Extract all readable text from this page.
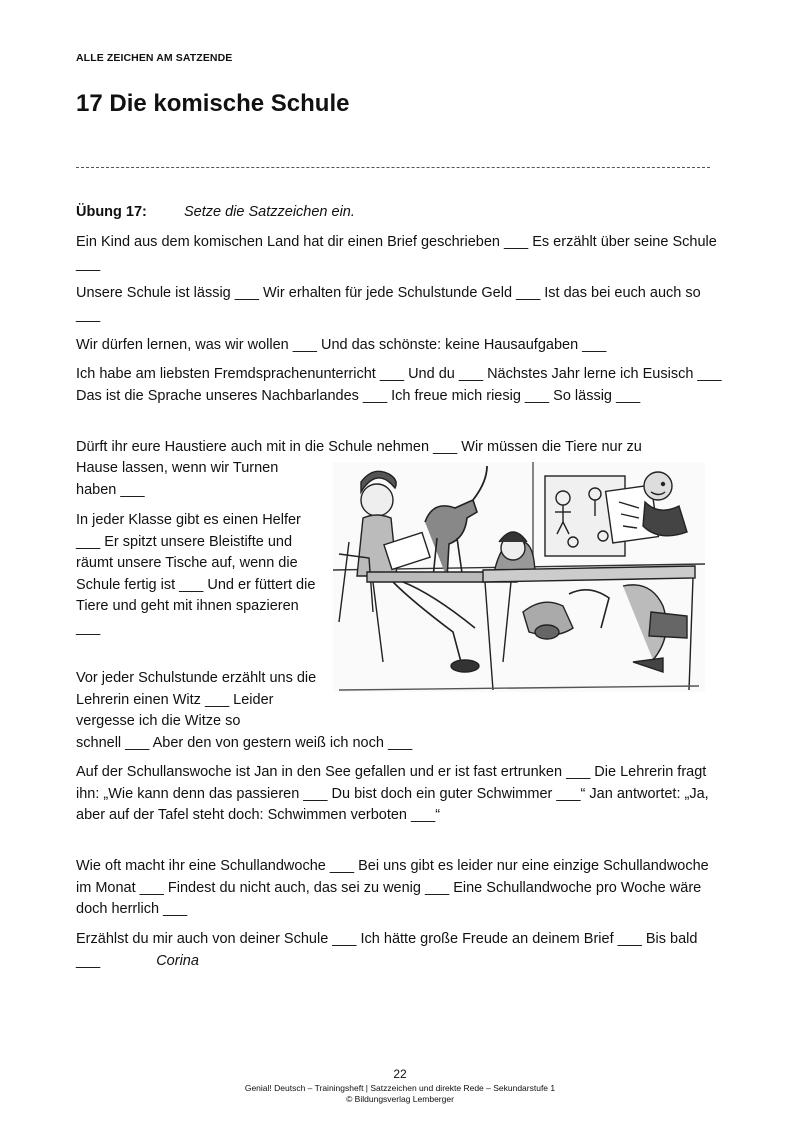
ALLE ZEICHEN AM SATZENDE
17 Die komische Schule
Übung 17:	Setze die Satzzeichen ein.

Ein Kind aus dem komischen Land hat dir einen Brief geschrieben ___ Es erzählt über seine Schule ___

Unsere Schule ist lässig ___ Wir erhalten für jede Schulstunde Geld ___ Ist das bei euch auch so ___

Wir dürfen lernen, was wir wollen ___ Und das schönste: keine Hausaufgaben ___

Ich habe am liebsten Fremdsprachenunterricht ___ Und du ___ Nächstes Jahr lerne ich Eusisch ___ Das ist die Sprache unseres Nachbarlandes ___ Ich freue mich riesig ___ So lässig ___

Dürft ihr eure Haustiere auch mit in die Schule nehmen ___ Wir müssen die Tiere nur zu

Hause lassen, wenn wir Turnen haben ___

In jeder Klasse gibt es einen Helfer ___ Er spitzt unsere Bleistifte und räumt unsere Tische auf, wenn die Schule fertig ist ___ Und er füttert die Tiere und geht mit ihnen spazieren ___

Vor jeder Schulstunde erzählt uns die Lehrerin einen Witz ___ Leider vergesse ich die Witze so

schnell ___ Aber den von gestern weiß ich noch ___

Auf der Schullanswoche ist Jan in den See gefallen und er ist fast ertrunken ___ Die Lehrerin fragt ihn: „Wie kann denn das passieren ___ Du bist doch ein guter Schwimmer ___“ Jan antwortet: „Ja, aber auf der Tafel steht doch: Schwimmen verboten ___“

Wie oft macht ihr eine Schullandwoche ___ Bei uns gibt es leider nur eine einzige Schullandwoche im Monat ___ Findest du nicht auch, das sei zu wenig ___ Eine Schullandwoche pro Woche wäre doch herrlich ___

Erzählst du mir auch von deiner Schule ___ Ich hätte große Freude an deinem Brief ___ Bis bald ___	Corina

22
Genial! Deutsch – Trainingsheft | Satzzeichen und direkte Rede – Sekundarstufe 1
© Bildungsverlag Lemberger
